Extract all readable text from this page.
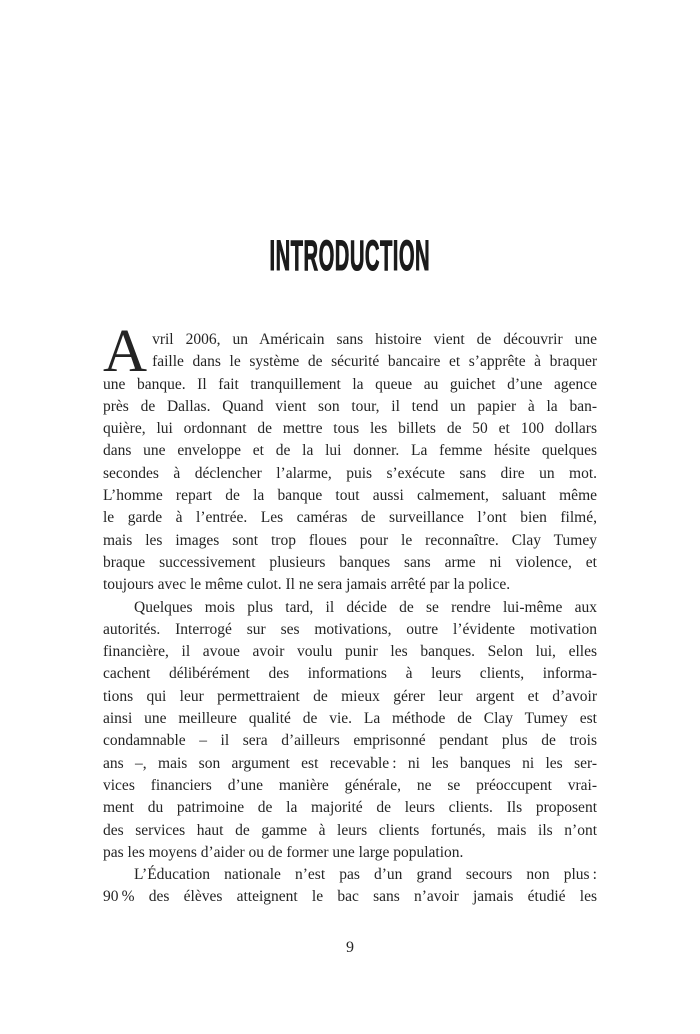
INTRODUCTION
A vril 2006, un Américain sans histoire vient de découvrir une
faille dans le système de sécurité bancaire et s’apprête à braquer
une banque. Il fait tranquillement la queue au guichet d’une agence
près de Dallas. Quand vient son tour, il tend un papier à la ban-
quière, lui ordonnant de mettre tous les billets de 50 et 100 dollars
dans une enveloppe et de la lui donner. La femme hésite quelques
secondes à déclencher l’alarme, puis s’exécute sans dire un mot.
L’homme repart de la banque tout aussi calmement, saluant même
le garde à l’entrée. Les caméras de surveillance l’ont bien filmé,
mais les images sont trop floues pour le reconnaître. Clay Tumey
braque successivement plusieurs banques sans arme ni violence, et
toujours avec le même culot. Il ne sera jamais arrêté par la police.
Quelques mois plus tard, il décide de se rendre lui-même aux
autorités. Interrogé sur ses motivations, outre l’évidente motivation
financière, il avoue avoir voulu punir les banques. Selon lui, elles
cachent délibérément des informations à leurs clients, informa-
tions qui leur permettraient de mieux gérer leur argent et d’avoir
ainsi une meilleure qualité de vie. La méthode de Clay Tumey est
condamnable – il sera d’ailleurs emprisonné pendant plus de trois
ans –, mais son argument est recevable : ni les banques ni les ser-
vices financiers d’une manière générale, ne se préoccupent vrai-
ment du patrimoine de la majorité de leurs clients. Ils proposent
des services haut de gamme à leurs clients fortunés, mais ils n’ont
pas les moyens d’aider ou de former une large population.
L’Éducation nationale n’est pas d’un grand secours non plus :
90 % des élèves atteignent le bac sans n’avoir jamais étudié les
9
